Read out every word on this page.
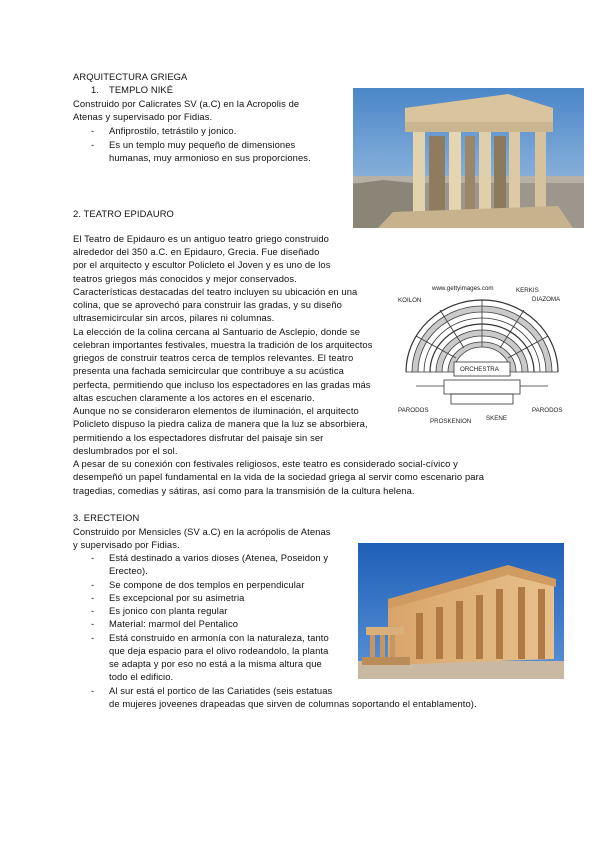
ARQUITECTURA GRIEGA
1. TEMPLO NIKÉ
Construido por Calicrates SV (a.C) en la Acropolis de
Atenas y supervisado por Fidias.
- Anfiprostilo, tetrástilo y jonico.
- Es un templo muy pequeño de dimensiones
humanas, muy armonioso en sus proporciones.
2. TEATRO EPIDAURO
El Teatro de Epidauro es un antiguo teatro griego construido
alrededor del 350 a.C. en Epidauro, Grecia. Fue diseñado
por el arquitecto y escultor Policleto el Joven y es uno de los
teatros griegos más conocidos y mejor conservados.
Características destacadas del teatro incluyen su ubicación en una
colina, que se aprovechó para construir las gradas, y su diseño
ultrasemicircular sin arcos, pilares ni columnas.
La elección de la colina cercana al Santuario de Asclepio, donde se
celebran importantes festivales, muestra la tradición de los arquitectos
griegos de construir teatros cerca de templos relevantes. El teatro
presenta una fachada semicircular que contribuye a su acústica
perfecta, permitiendo que incluso los espectadores en las gradas más
altas escuchen claramente a los actores en el escenario.
Aunque no se consideraron elementos de iluminación, el arquitecto
Policleto dispuso la piedra caliza de manera que la luz se absorbiera,
permitiendo a los espectadores disfrutar del paisaje sin ser
deslumbrados por el sol.
A pesar de su conexión con festivales religiosos, este teatro es considerado social-cívico y
desempeñó un papel fundamental en la vida de la sociedad griega al servir como escenario para
tragedias, comedias y sátiras, así como para la transmisión de la cultura helena.
www.gettyimages.com
KOILON
KERKIS
DIAZOMA
ORCHESTRA
PARODOS	PARODOS
PROSKENION SKENE
3. ERECTEION
Construido por Mensicles (SV a.C) en la acrópolis de Atenas
y supervisado por Fidias.
- Está destinado a varios dioses (Atenea, Poseidon y
Erecteo).
- Se compone de dos templos en perpendicular
- Es excepcional por su asimetria
- Es jonico con planta regular
- Material: marmol del Pentalico
- Está construido en armonía con la naturaleza, tanto
que deja espacio para el olivo rodeandolo, la planta
se adapta y por eso no está a la misma altura que
todo el edificio.
- Al sur está el portico de las Cariatides (seis estatuas
de mujeres joveenes drapeadas que sirven de columnas soportando el entablamento).
